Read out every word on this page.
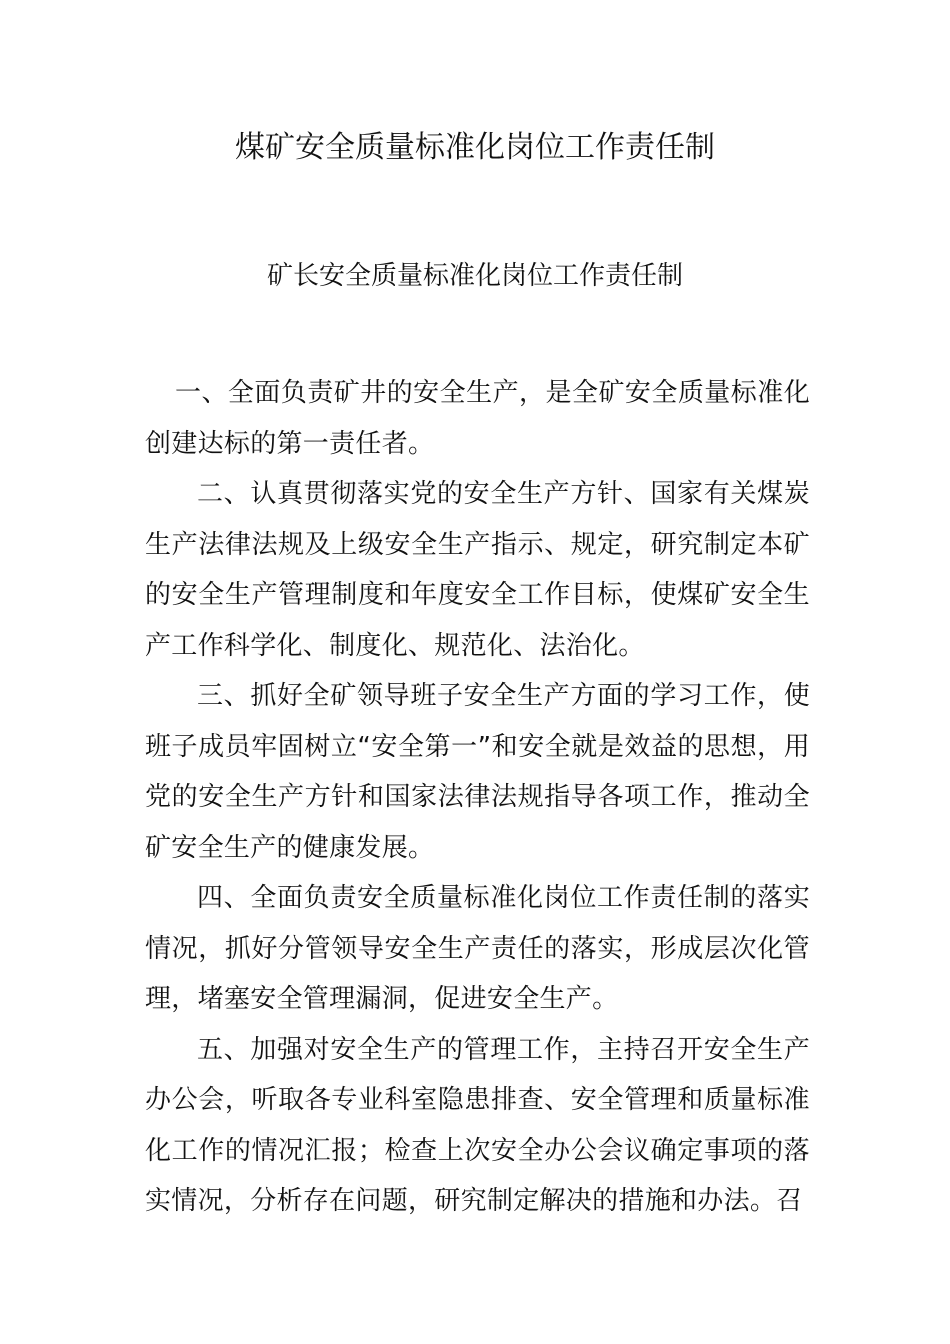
煤矿安全质量标准化岗位工作责任制
矿长安全质量标准化岗位工作责任制

一、全面负责矿井的安全生产，是全矿安全质量标准化创建达标的第一责任者。

二、认真贯彻落实党的安全生产方针、国家有关煤炭生产法律法规及上级安全生产指示、规定，研究制定本矿的安全生产管理制度和年度安全工作目标，使煤矿安全生产工作科学化、制度化、规范化、法治化。

三、抓好全矿领导班子安全生产方面的学习工作，使班子成员牢固树立“安全第一”和安全就是效益的思想，用党的安全生产方针和国家法律法规指导各项工作，推动全矿安全生产的健康发展。

四、全面负责安全质量标准化岗位工作责任制的落实情况，抓好分管领导安全生产责任的落实，形成层次化管理，堵塞安全管理漏洞，促进安全生产。

五、加强对安全生产的管理工作，主持召开安全生产办公会，听取各专业科室隐患排查、安全管理和质量标准化工作的情况汇报；检查上次安全办公会议确定事项的落实情况，分析存在问题，研究制定解决的措施和办法。召
